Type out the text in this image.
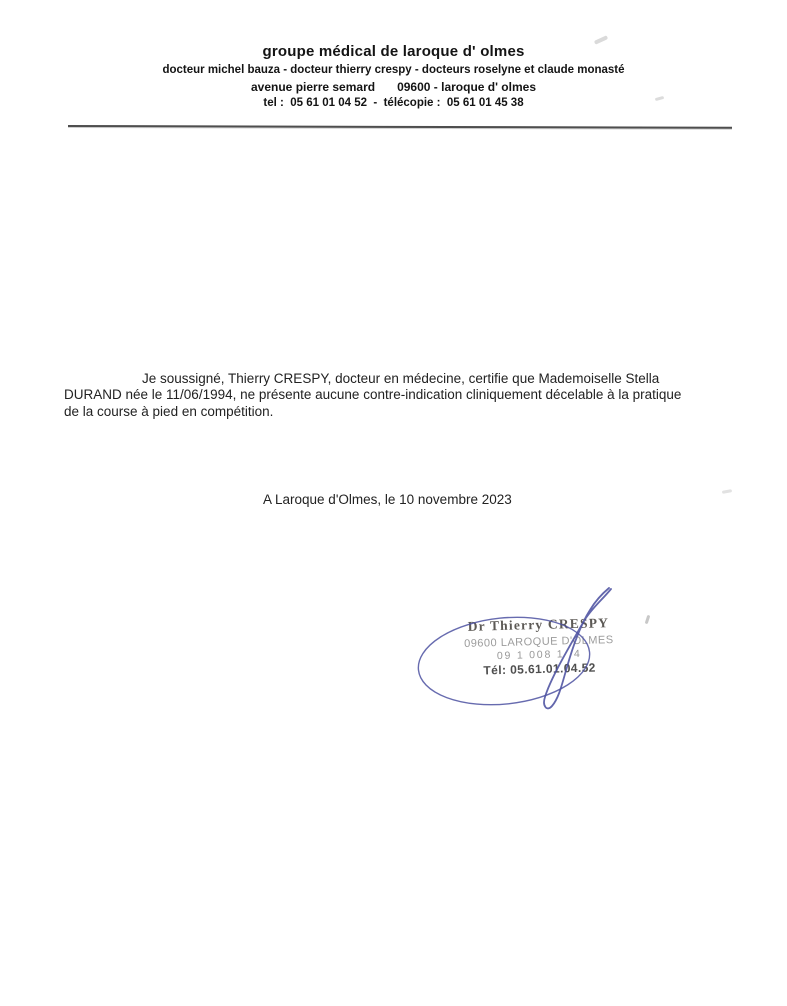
groupe médical de laroque d' olmes
docteur michel bauza - docteur thierry crespy - docteurs roselyne et claude monasté
avenue pierre semard 09600 - laroque d' olmes
tel :  05 61 01 04 52  -  télécopie :  05 61 01 45 38
Je soussigné, Thierry CRESPY, docteur en médecine, certifie que Mademoiselle Stella
DURAND née le 11/06/1994, ne présente aucune contre-indication cliniquement décelable à la pratique
de la course à pied en compétition.
A Laroque d'Olmes, le 10 novembre 2023
Dr Thierry CRESPY
09600 LAROQUE D'OLMES
09 1 008 1  4
Tél: 05.61.01.04.52
